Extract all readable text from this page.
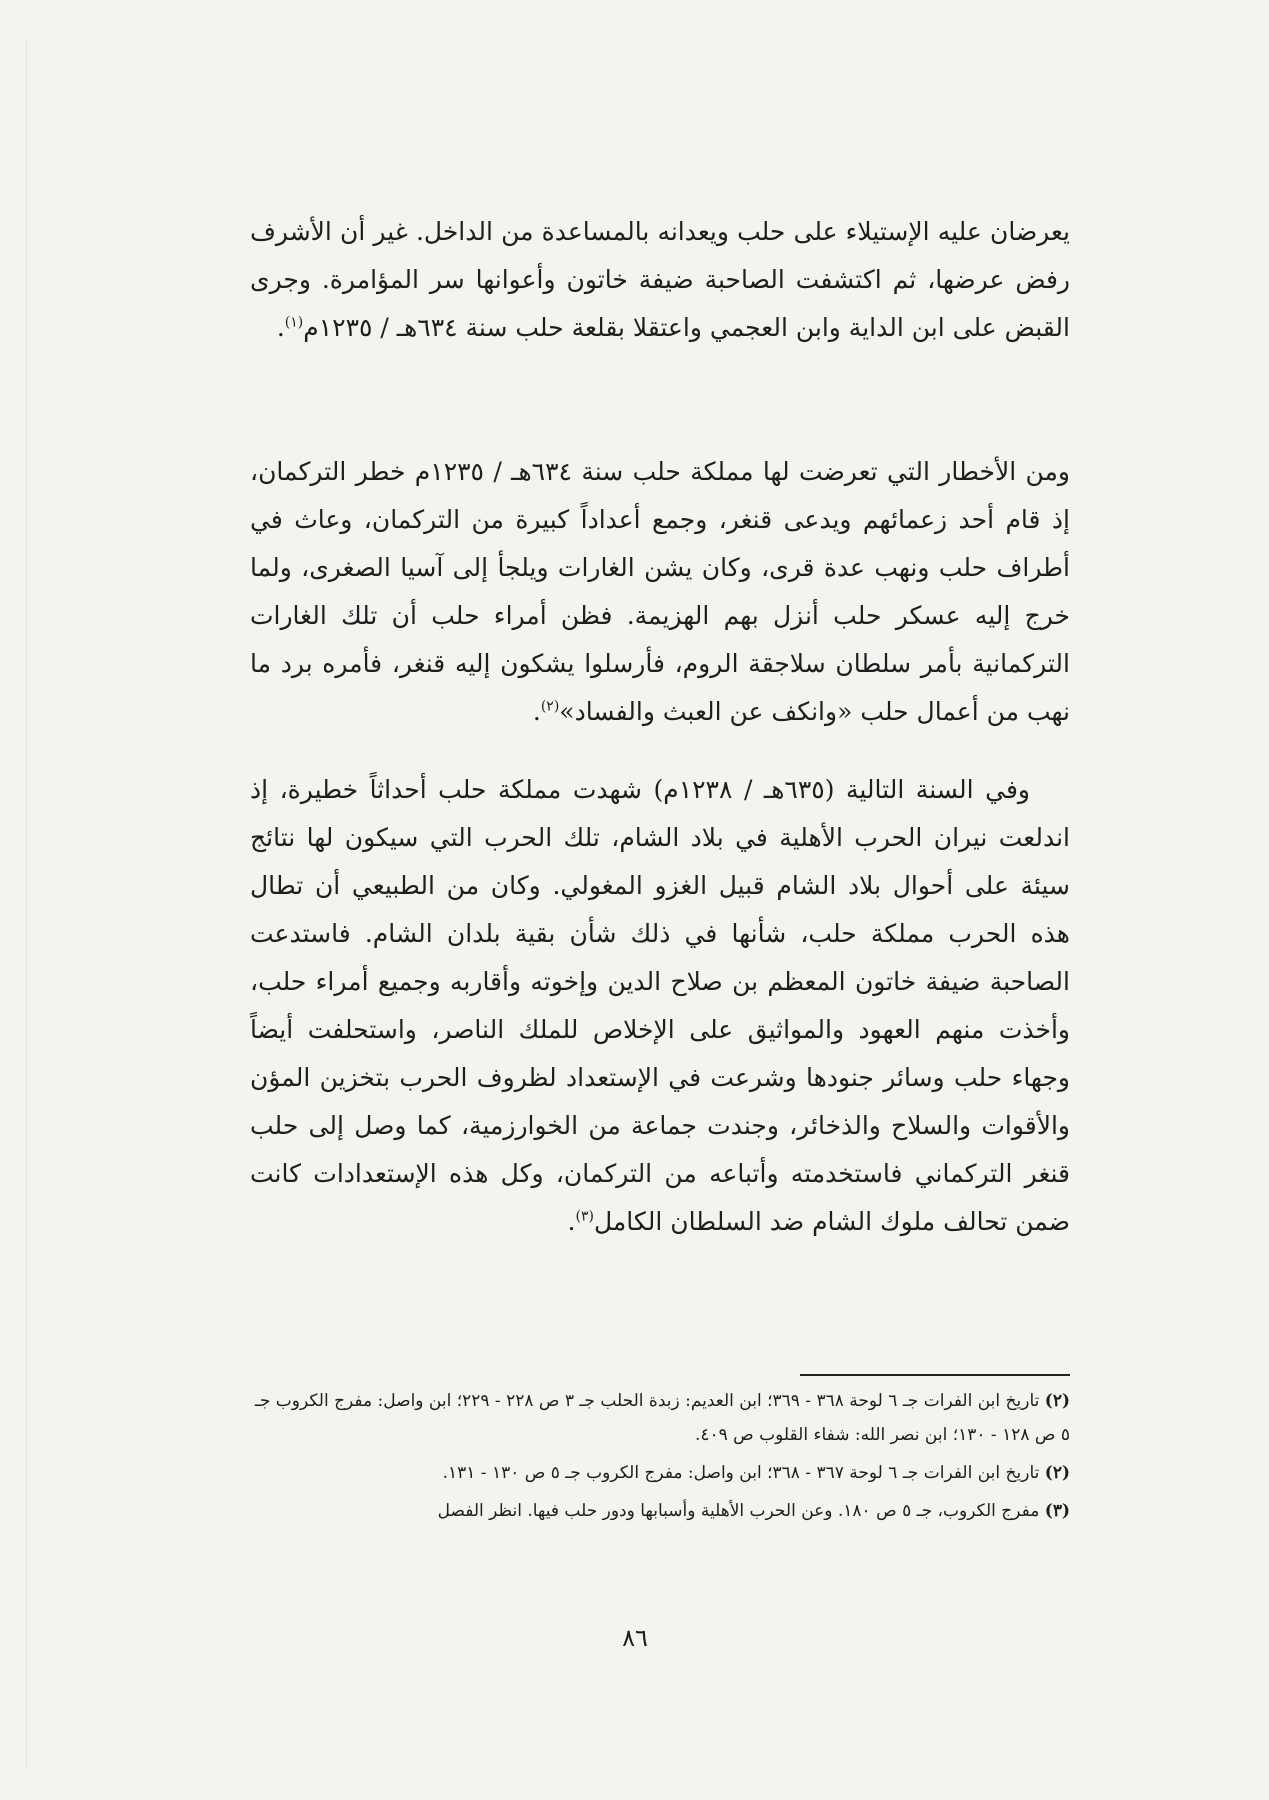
يعرضان عليه الإستيلاء على حلب ويعدانه بالمساعدة من الداخل. غير أن الأشرف رفض عرضها، ثم اكتشفت الصاحبة ضيفة خاتون وأعوانها سر المؤامرة. وجرى القبض على ابن الداية وابن العجمي واعتقلا بقلعة حلب سنة ٦٣٤هـ / ١٢٣٥م$^{(١)}$.

ومن الأخطار التي تعرضت لها مملكة حلب سنة ٦٣٤هـ / ١٢٣٥م خطر التركمان، إذ قام أحد زعمائهم ويدعى قنغر، وجمع أعداداً كبيرة من التركمان، وعاث في أطراف حلب ونهب عدة قرى، وكان يشن الغارات ويلجأ إلى آسيا الصغرى، ولما خرج إليه عسكر حلب أنزل بهم الهزيمة. فظن أمراء حلب أن تلك الغارات التركمانية بأمر سلطان سلاجقة الروم، فأرسلوا يشكون إليه قنغر، فأمره برد ما نهب من أعمال حلب «وانكف عن العبث والفساد»$^{(٢)}$.

وفي السنة التالية (٦٣٥هـ / ١٢٣٨م) شهدت مملكة حلب أحداثاً خطيرة، إذ اندلعت نيران الحرب الأهلية في بلاد الشام، تلك الحرب التي سيكون لها نتائج سيئة على أحوال بلاد الشام قبيل الغزو المغولي. وكان من الطبيعي أن تطال هذه الحرب مملكة حلب، شأنها في ذلك شأن بقية بلدان الشام. فاستدعت الصاحبة ضيفة خاتون المعظم بن صلاح الدين وإخوته وأقاربه وجميع أمراء حلب، وأخذت منهم العهود والمواثيق على الإخلاص للملك الناصر، واستحلفت أيضاً وجهاء حلب وسائر جنودها وشرعت في الإستعداد لظروف الحرب بتخزين المؤن والأقوات والسلاح والذخائر، وجندت جماعة من الخوارزمية، كما وصل إلى حلب قنغر التركماني فاستخدمته وأتباعه من التركمان، وكل هذه الإستعدادات كانت ضمن تحالف ملوك الشام ضد السلطان الكامل$^{(٣)}$.

(٢) تاريخ ابن الفرات جـ ٦ لوحة ٣٦٨ - ٣٦٩؛ ابن العديم: زبدة الحلب جـ ٣ ص ٢٢٨ - ٢٢٩؛ ابن واصل: مفرج الكروب جـ ٥ ص ١٢٨ - ١٣٠؛ ابن نصر الله: شفاء القلوب ص ٤٠٩.

(٢) تاريخ ابن الفرات جـ ٦ لوحة ٣٦٧ - ٣٦٨؛ ابن واصل: مفرج الكروب جـ ٥ ص ١٣٠ - ١٣١.

(٣) مفرج الكروب، جـ ٥ ص ١٨٠. وعن الحرب الأهلية وأسبابها ودور حلب فيها. انظر الفصل

٨٦
